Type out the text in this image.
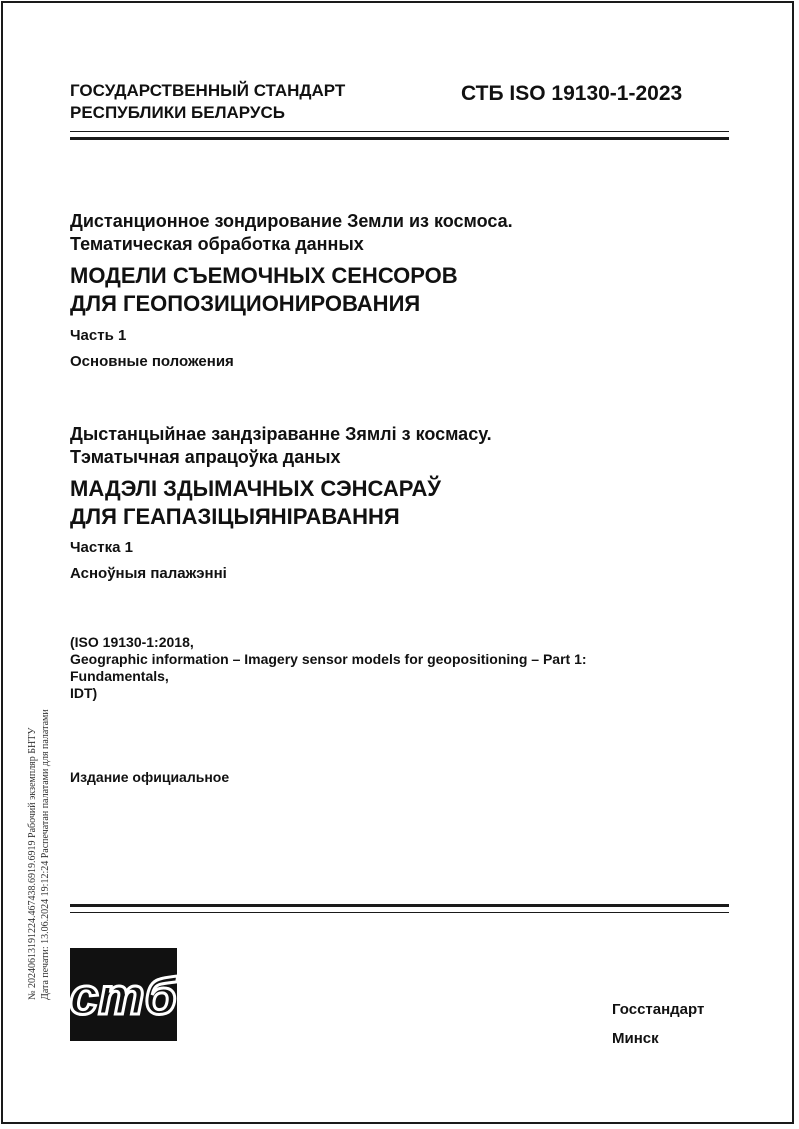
ГОСУДАРСТВЕННЫЙ СТАНДАРТ
РЕСПУБЛИКИ БЕЛАРУСЬ
СТБ ISO 19130-1-2023
Дистанционное зондирование Земли из космоса.
Тематическая обработка данных
МОДЕЛИ СЪЕМОЧНЫХ СЕНСОРОВ
ДЛЯ ГЕОПОЗИЦИОНИРОВАНИЯ
Часть 1
Основные положения
Дыстанцыйнае зандзіраванне Зямлі з космасу.
Тэматычная апрацоўка даных
МАДЭЛІ ЗДЫМАЧНЫХ СЭНСАРАЎ
ДЛЯ ГЕАПАЗІЦЫЯНІРАВАННЯ
Частка 1
Асноўныя палажэнні
(ISO 19130-1:2018,
Geographic information – Imagery sensor models for geopositioning – Part 1:
Fundamentals,
IDT)
Издание официальное
стб	Госстандарт
Минск
№ 20240613191224.467438.6919.6919 Рабочий экземпляр БНТУ Дата печати: 13.06.2024 19:12:24 Распечатан палатами для палатами
